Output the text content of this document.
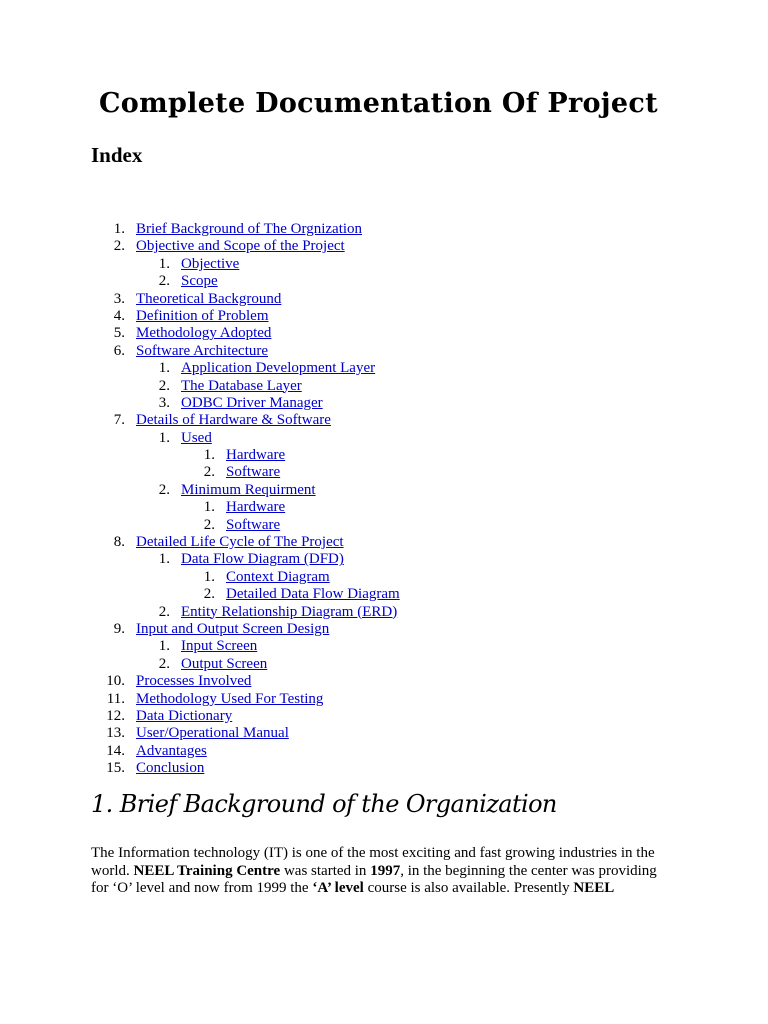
Complete Documentation Of Project
Index
1. Brief Background of The Orgnization
2. Objective and Scope of the Project
1. Objective
2. Scope
3. Theoretical Background
4. Definition of Problem
5. Methodology Adopted
6. Software Architecture
1. Application Development Layer
2. The Database Layer
3. ODBC Driver Manager
7. Details of Hardware & Software
1. Used
1. Hardware
2. Software
2. Minimum Requirment
1. Hardware
2. Software
8. Detailed Life Cycle of The Project
1. Data Flow Diagram (DFD)
1. Context Diagram
2. Detailed Data Flow Diagram
2. Entity Relationship Diagram (ERD)
9. Input and Output Screen Design
1. Input Screen
2. Output Screen
10. Processes Involved
11. Methodology Used For Testing
12. Data Dictionary
13. User/Operational Manual
14. Advantages
15. Conclusion
1. Brief Background of the Organization

The Information technology (IT) is one of the most exciting and fast growing industries in the world. NEEL Training Centre was started in 1997, in the beginning the center was providing for ‘O’ level and now from 1999 the ‘A’ level course is also available. Presently NEEL
